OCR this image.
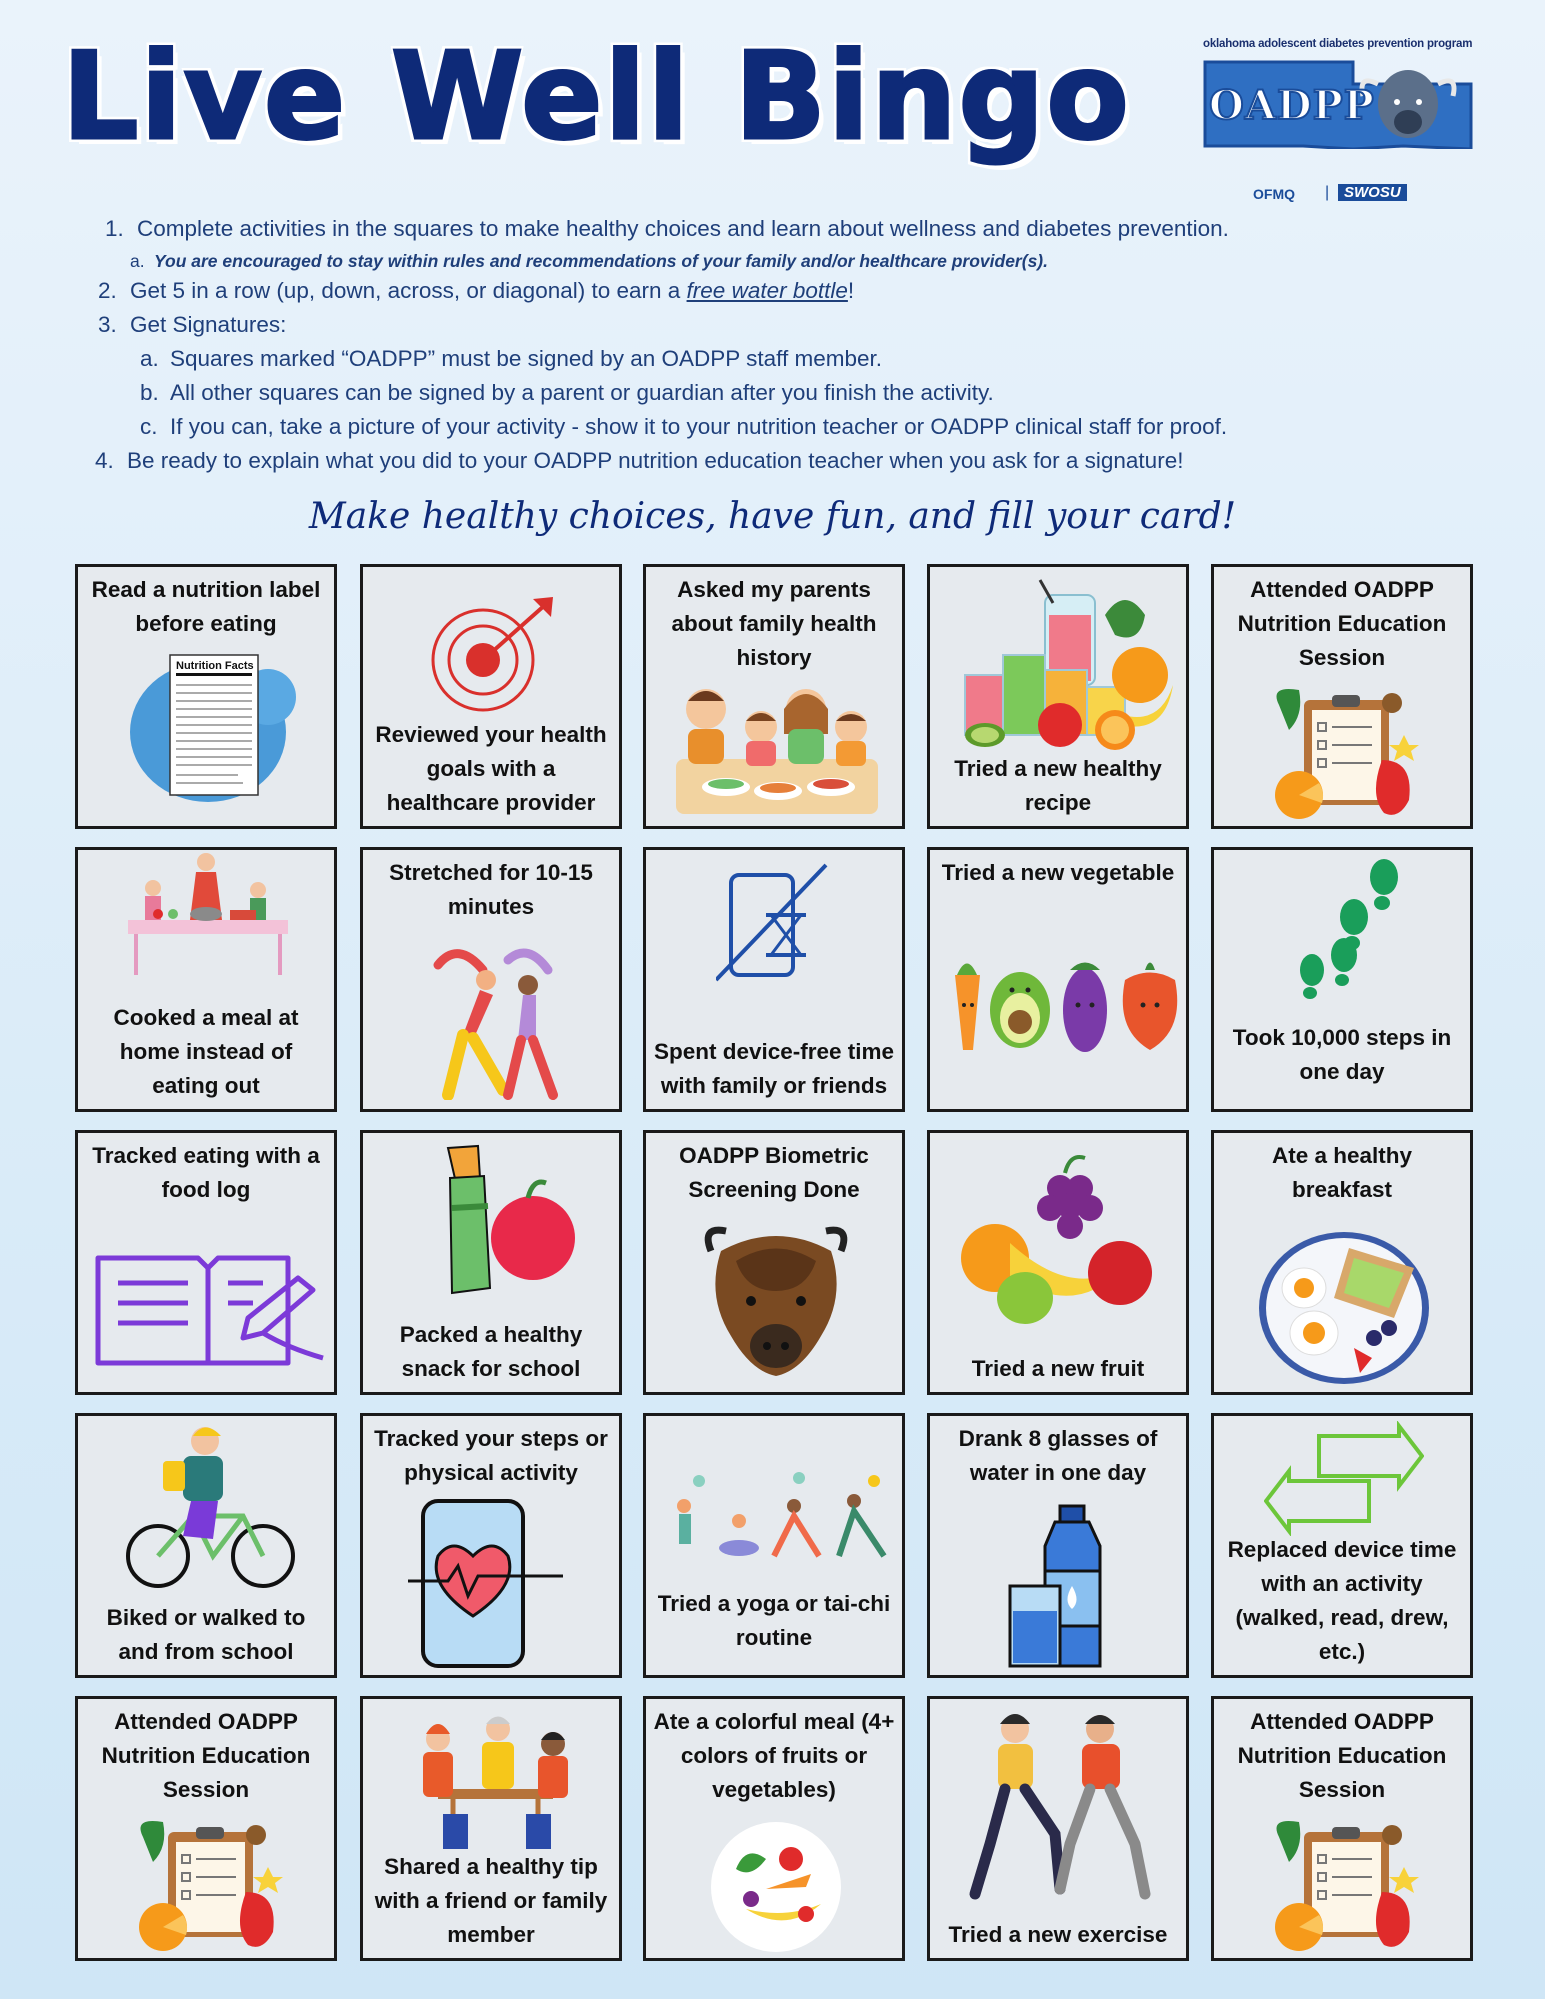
Live Well Bingo	oklahoma adolescent diabetes prevention program
OADPP
OFMQ | SWOSU
1. Complete activities in the squares to make healthy choices and learn about wellness and diabetes prevention.
a. You are encouraged to stay within rules and recommendations of your family and/or healthcare provider(s).
2. Get 5 in a row (up, down, across, or diagonal) to earn a free water bottle!
3. Get Signatures:
a. Squares marked “OADPP” must be signed by an OADPP staff member.
b. All other squares can be signed by a parent or guardian after you finish the activity.
c. If you can, take a picture of your activity - show it to your nutrition teacher or OADPP clinical staff for proof.
4. Be ready to explain what you did to your OADPP nutrition education teacher when you ask for a signature!
Make healthy choices, have fun, and fill your card!
Read a nutrition label before eating
Nutrition Facts
Reviewed your health goals with a healthcare provider
Asked my parents about family health history
Tried a new healthy recipe
Attended OADPP Nutrition Education Session
Cooked a meal at home instead of eating out
Stretched for 10-15 minutes
Spent device-free time with family or friends
Tried a new vegetable
Took 10,000 steps in one day
Tracked eating with a food log
Packed a healthy snack for school
OADPP Biometric Screening Done
Tried a new fruit
Ate a healthy breakfast
Biked or walked to and from school
Tracked your steps or physical activity
Tried a yoga or tai-chi routine
Drank 8 glasses of water in one day
Replaced device time with an activity (walked, read, drew, etc.)
Attended OADPP Nutrition Education Session
Shared a healthy tip with a friend or family member
Ate a colorful meal (4+ colors of fruits or vegetables)
Tried a new exercise
Attended OADPP Nutrition Education Session
